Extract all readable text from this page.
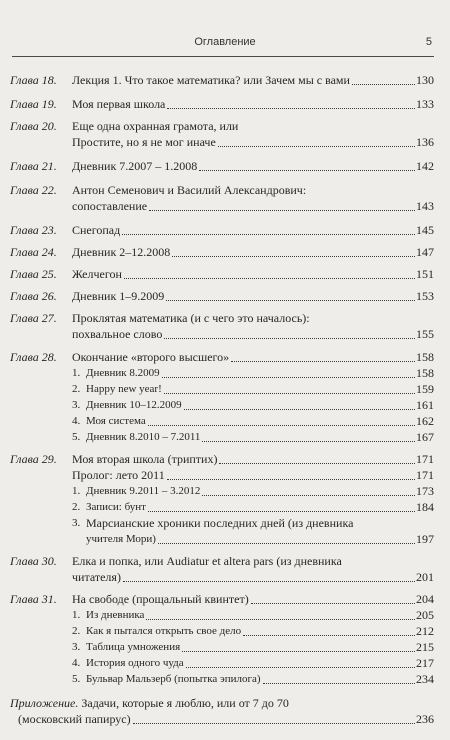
Оглавление	5
Глава 18.	Лекция 1. Что такое математика? или Зачем мы с вами	130
Глава 19.	Моя первая школа	133
Глава 20.	Еще одна охранная грамота, или
Простите, но я не мог иначе	136
Глава 21.	Дневник 7.2007 – 1.2008	142
Глава 22.	Антон Семенович и Василий Александрович:
сопоставление	143
Глава 23.	Снегопад	145
Глава 24.	Дневник 2–12.2008	147
Глава 25.	Желчегон	151
Глава 26.	Дневник 1–9.2009	153
Глава 27.	Проклятая математика (и с чего это началось):
похвальное слово	155
Глава 28.	Окончание «второго высшего»	158
1. Дневник 8.2009	158
2. Happy new year!	159
3. Дневник 10–12.2009	161
4. Моя система	162
5. Дневник 8.2010 – 7.2011	167
Глава 29.	Моя вторая школа (триптих)	171
Пролог: лето 2011	171
1. Дневник 9.2011 – 3.2012	173
2. Записи: бунт	184
3. Марсианские хроники последних дней (из дневника
учителя Мори)	197
Глава 30.	Елка и попка, или Audiatur et altera pars (из дневника
читателя)	201
Глава 31.	На свободе (прощальный квинтет)	204
1. Из дневника	205
2. Как я пытался открыть свое дело	212
3. Таблица умножения	215
4. История одного чуда	217
5. Бульвар Мальзерб (попытка эпилога)	234
Приложение. Задачи, которые я люблю, или от 7 до 70
(московский папирус)	236
